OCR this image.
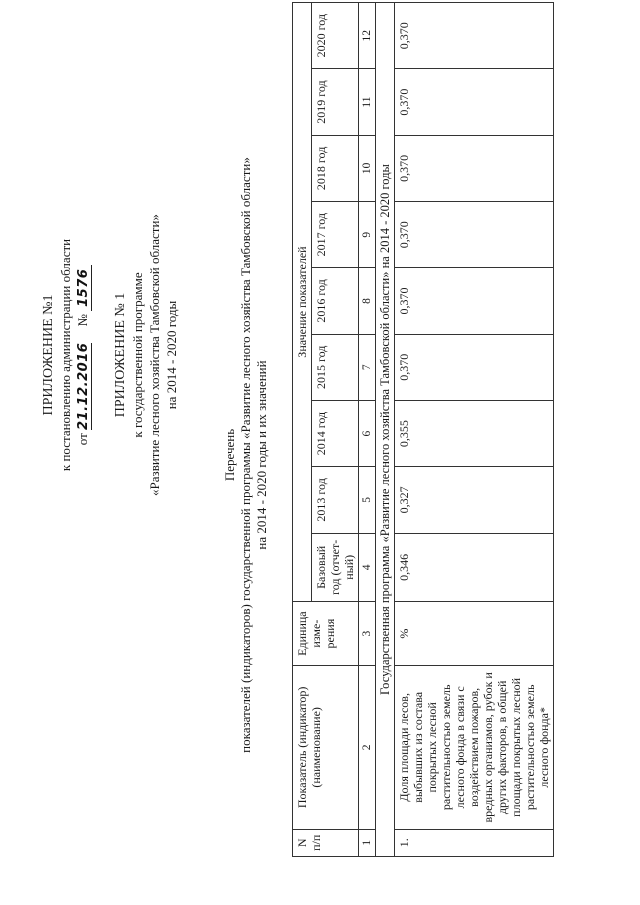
ПРИЛОЖЕНИЕ №1 к постановлению администрации области от 21.12.2016     № 1576
ПРИЛОЖЕНИЕ № 1 к государственной программе «Развитие лесного хозяйства Тамбовской области» на 2014 - 2020 годы
Перечень показателей (индикаторов) государственной программы «Развитие лесного хозяйства Тамбовской области» на 2014 - 2020 годы и их значений
N п/п	Показатель (индикатор) (наименование)	Единица изме-рения	Значение показателей								
			Базовый год (отчет-ный)	2013 год	2014 год	2015 год	2016 год	2017 год	2018 год	2019 год	2020 год
1	2	3	4	5	6	7	8	9	10	11	12
Государственная программа «Развитие лесного хозяйства Тамбовской области» на 2014 - 2020 годы											
1.	Доля площади лесов, выбывших из состава покрытых лесной растительностью земель лесного фонда в связи с воздействием пожаров, вредных организмов, рубок и других факторов, в общей площади покрытых лесной растительностью земель лесного фонда*	%	0,346	0,327	0,355	0,370	0,370	0,370	0,370	0,370	0,370
